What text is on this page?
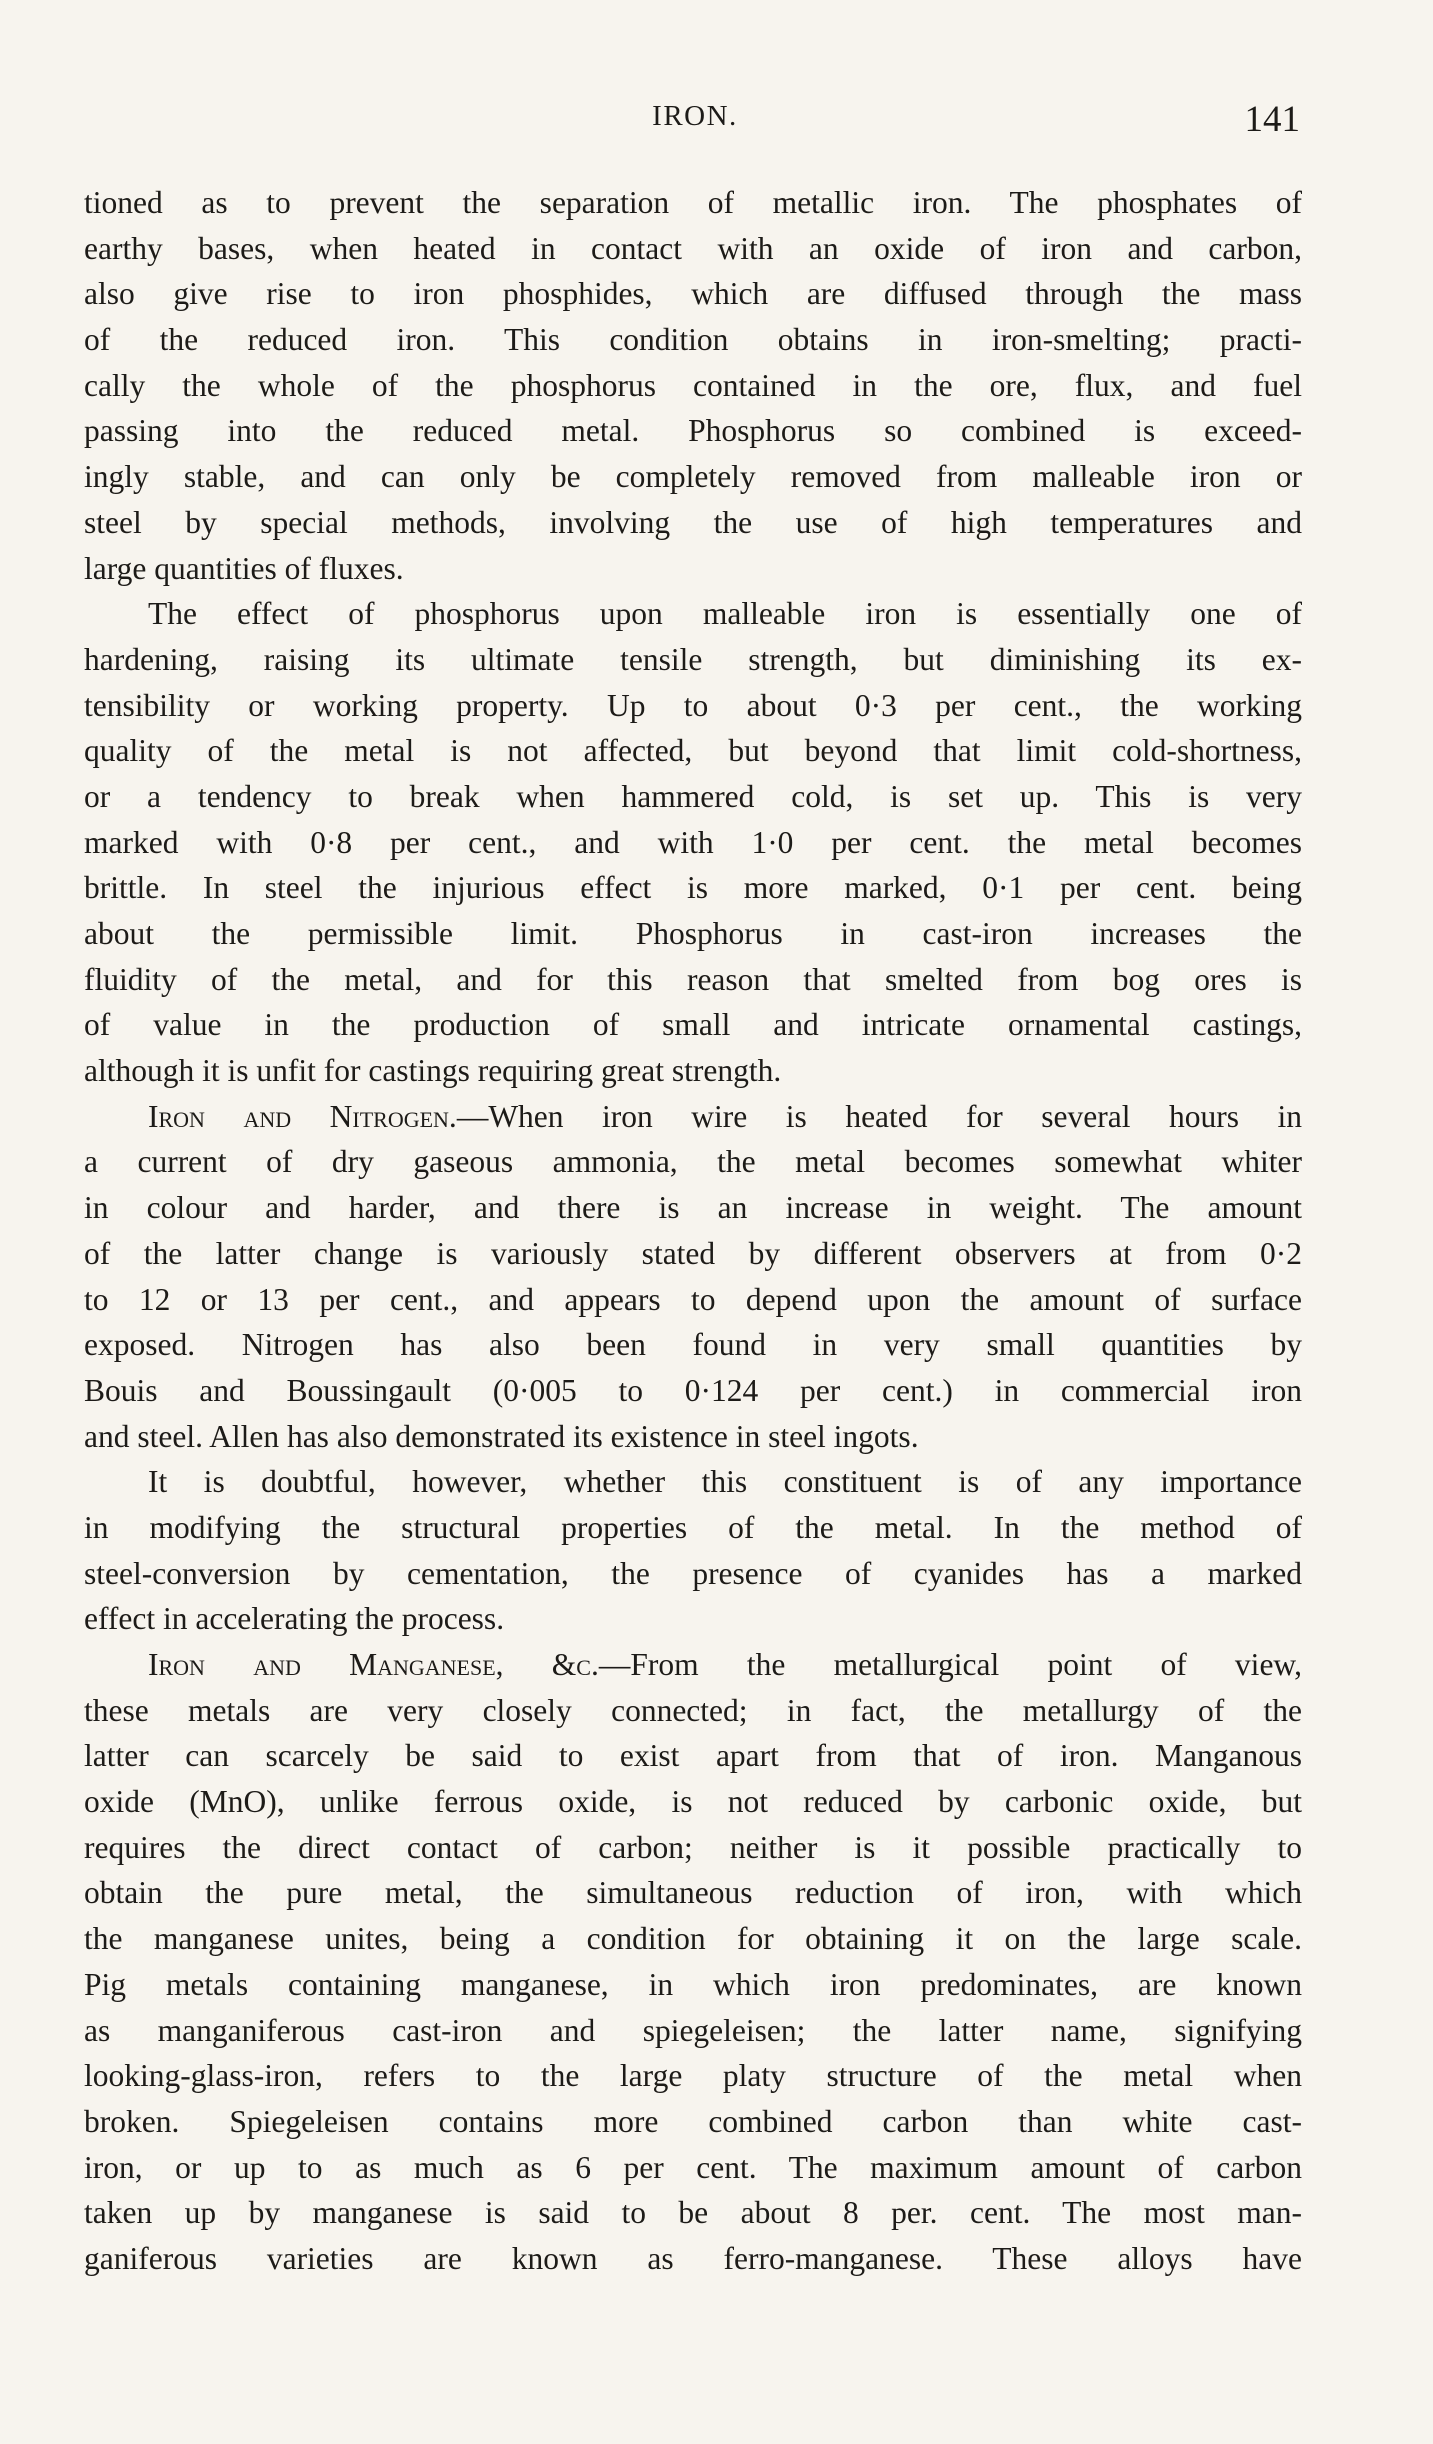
IRON.	141
tioned as to prevent the separation of metallic iron. The phosphates of
earthy bases, when heated in contact with an oxide of iron and carbon,
also give rise to iron phosphides, which are diffused through the mass
of the reduced iron. This condition obtains in iron-smelting; practi-
cally the whole of the phosphorus contained in the ore, flux, and fuel
passing into the reduced metal. Phosphorus so combined is exceed-
ingly stable, and can only be completely removed from malleable iron or
steel by special methods, involving the use of high temperatures and
large quantities of fluxes.
The effect of phosphorus upon malleable iron is essentially one of
hardening, raising its ultimate tensile strength, but diminishing its ex-
tensibility or working property. Up to about 0·3 per cent., the working
quality of the metal is not affected, but beyond that limit cold-shortness,
or a tendency to break when hammered cold, is set up. This is very
marked with 0·8 per cent., and with 1·0 per cent. the metal becomes
brittle. In steel the injurious effect is more marked, 0·1 per cent. being
about the permissible limit. Phosphorus in cast-iron increases the
fluidity of the metal, and for this reason that smelted from bog ores is
of value in the production of small and intricate ornamental castings,
although it is unfit for castings requiring great strength.
Iron and Nitrogen.—When iron wire is heated for several hours in
a current of dry gaseous ammonia, the metal becomes somewhat whiter
in colour and harder, and there is an increase in weight. The amount
of the latter change is variously stated by different observers at from 0·2
to 12 or 13 per cent., and appears to depend upon the amount of surface
exposed. Nitrogen has also been found in very small quantities by
Bouis and Boussingault (0·005 to 0·124 per cent.) in commercial iron
and steel. Allen has also demonstrated its existence in steel ingots.
It is doubtful, however, whether this constituent is of any importance
in modifying the structural properties of the metal. In the method of
steel-conversion by cementation, the presence of cyanides has a marked
effect in accelerating the process.
Iron and Manganese, &c.—From the metallurgical point of view,
these metals are very closely connected; in fact, the metallurgy of the
latter can scarcely be said to exist apart from that of iron. Manganous
oxide (MnO), unlike ferrous oxide, is not reduced by carbonic oxide, but
requires the direct contact of carbon; neither is it possible practically to
obtain the pure metal, the simultaneous reduction of iron, with which
the manganese unites, being a condition for obtaining it on the large scale.
Pig metals containing manganese, in which iron predominates, are known
as manganiferous cast-iron and spiegeleisen; the latter name, signifying
looking-glass-iron, refers to the large platy structure of the metal when
broken. Spiegeleisen contains more combined carbon than white cast-
iron, or up to as much as 6 per cent. The maximum amount of carbon
taken up by manganese is said to be about 8 per. cent. The most man-
ganiferous varieties are known as ferro-manganese. These alloys have
